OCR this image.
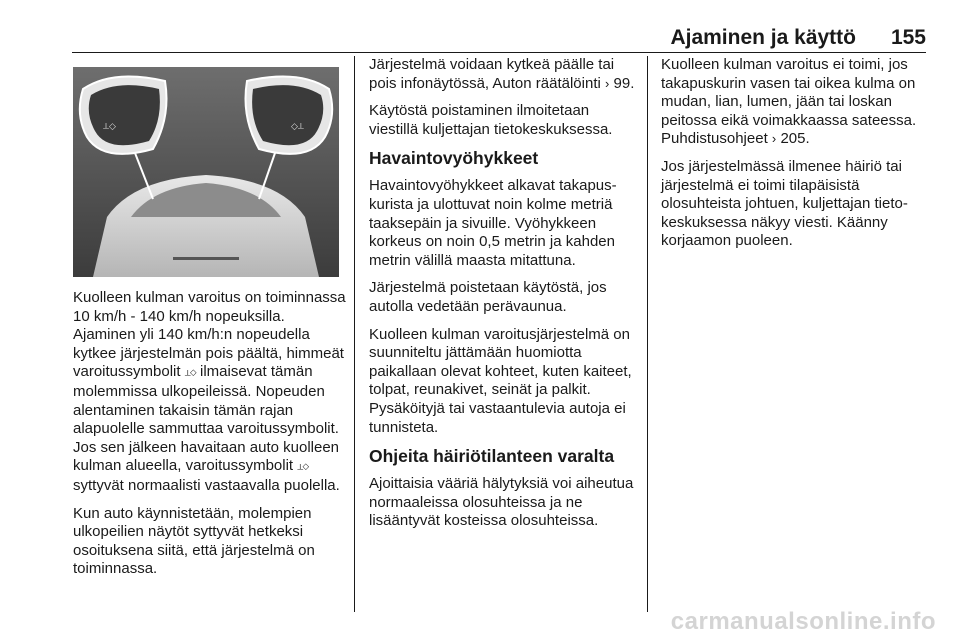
Ajaminen ja käyttö 155
⟂◇	◇⟂

Kuolleen kulman varoitus on toiminnassa 10 km/h - 140 km/h nopeuksilla. Ajaminen yli 140 km/h:n nopeudella kytkee järjestelmän pois päältä, himmeät varoitussymbolit ⟂◇ ilmaisevat tämän molemmissa ulkopeileissä. Nopeuden alentaminen takaisin tämän rajan alapuolelle sammuttaa varoitussymbolit. Jos sen jälkeen havaitaan auto kuolleen kulman alueella, varoitussymbolit ⟂◇ syttyvät normaalisti vastaavalla puolella.

Kun auto käynnistetään, molempien ulkopeilien näytöt syttyvät hetkeksi osoituksena siitä, että järjestelmä on toiminnassa.

Järjestelmä voidaan kytkeä päälle tai pois infonäytössä, Auton räätälöinti › 99.

Käytöstä poistaminen ilmoitetaan viestillä kuljettajan tietokeskuksessa.

Havaintovyöhykkeet

Havaintovyöhykkeet alkavat takapuskurista ja ulottuvat noin kolme metriä taaksepäin ja sivuille. Vyöhykkeen korkeus on noin 0,5 metrin ja kahden metrin välillä maasta mitattuna.

Järjestelmä poistetaan käytöstä, jos autolla vedetään perävaunua.

Kuolleen kulman varoitusjärjestelmä on suunniteltu jättämään huomiotta paikallaan olevat kohteet, kuten kaiteet, tolpat, reunakivet, seinät ja palkit. Pysäköityjä tai vastaantulevia autoja ei tunnisteta.

Ohjeita häiriötilanteen varalta

Ajoittaisia vääriä hälytyksiä voi aiheutua normaaleissa olosuhteissa ja ne lisääntyvät kosteissa olosuhteissa.

Kuolleen kulman varoitus ei toimi, jos takapuskurin vasen tai oikea kulma on mudan, lian, lumen, jään tai loskan peitossa eikä voimakkaassa sateessa. Puhdistusohjeet › 205.

Jos järjestelmässä ilmenee häiriö tai järjestelmä ei toimi tilapäisistä olosuhteista johtuen, kuljettajan tietokeskuksessa näkyy viesti. Käänny korjaamon puoleen.

carmanualsonline.info
